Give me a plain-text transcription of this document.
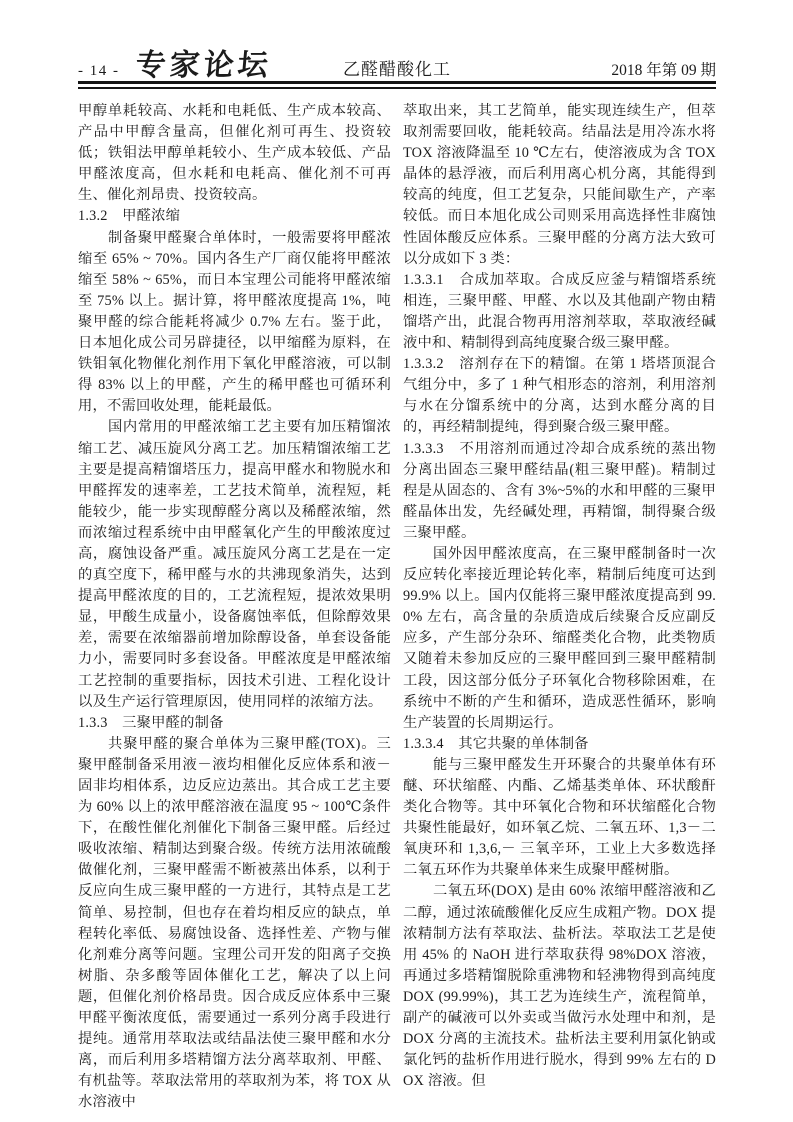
- 14 - 专家论坛	乙醛醋酸化工	2018 年第 09 期

甲醇单耗较高、水耗和电耗低、生产成本较高、产品中甲醇含量高，但催化剂可再生、投资较低；铁钼法甲醇单耗较小、生产成本较低、产品甲醛浓度高，但水耗和电耗高、催化剂不可再生、催化剂昂贵、投资较高。

1.3.2　甲醛浓缩

制备聚甲醛聚合单体时，一般需要将甲醛浓缩至 65% ~ 70%。国内各生产厂商仅能将甲醛浓缩至 58% ~ 65%，而日本宝理公司能将甲醛浓缩至 75% 以上。据计算，将甲醛浓度提高 1%，吨聚甲醛的综合能耗将减少 0.7% 左右。鉴于此，日本旭化成公司另辟捷径，以甲缩醛为原料，在铁钼氧化物催化剂作用下氧化甲醛溶液，可以制得 83% 以上的甲醛，产生的稀甲醛也可循环利用，不需回收处理，能耗最低。

国内常用的甲醛浓缩工艺主要有加压精馏浓缩工艺、减压旋风分离工艺。加压精馏浓缩工艺主要是提高精馏塔压力，提高甲醛水和物脱水和甲醛挥发的速率差，工艺技术简单，流程短，耗能较少，能一步实现醇醛分离以及稀醛浓缩，然而浓缩过程系统中由甲醛氧化产生的甲酸浓度过高，腐蚀设备严重。减压旋风分离工艺是在一定的真空度下，稀甲醛与水的共沸现象消失，达到提高甲醛浓度的目的，工艺流程短，提浓效果明显，甲酸生成量小，设备腐蚀率低，但除醇效果差，需要在浓缩器前增加除醇设备，单套设备能力小，需要同时多套设备。甲醛浓度是甲醛浓缩工艺控制的重要指标，因技术引进、工程化设计以及生产运行管理原因，使用同样的浓缩方法。

1.3.3　三聚甲醛的制备

共聚甲醛的聚合单体为三聚甲醛(TOX)。三聚甲醛制备采用液－液均相催化反应体系和液－固非均相体系，边反应边蒸出。其合成工艺主要为 60% 以上的浓甲醛溶液在温度 95 ~ 100℃条件下，在酸性催化剂催化下制备三聚甲醛。后经过吸收浓缩、精制达到聚合级。传统方法用浓硫酸做催化剂，三聚甲醛需不断被蒸出体系，以利于反应向生成三聚甲醛的一方进行，其特点是工艺简单、易控制，但也存在着均相反应的缺点，单程转化率低、易腐蚀设备、选择性差、产物与催化剂难分离等问题。宝理公司开发的阳离子交换树脂、杂多酸等固体催化工艺，解决了以上问题，但催化剂价格昂贵。因合成反应体系中三聚甲醛平衡浓度低，需要通过一系列分离手段进行提纯。通常用萃取法或结晶法使三聚甲醛和水分离，而后利用多塔精馏方法分离萃取剂、甲醛、有机盐等。萃取法常用的萃取剂为苯，将 TOX 从水溶液中

萃取出来，其工艺简单，能实现连续生产，但萃取剂需要回收，能耗较高。结晶法是用冷冻水将 TOX 溶液降温至 10 ℃左右，使溶液成为含 TOX 晶体的悬浮液，而后利用离心机分离，其能得到较高的纯度，但工艺复杂，只能间歇生产，产率较低。而日本旭化成公司则采用高选择性非腐蚀性固体酸反应体系。三聚甲醛的分离方法大致可以分成如下 3 类：

1.3.3.1　合成加萃取。合成反应釜与精馏塔系统相连，三聚甲醛、甲醛、水以及其他副产物由精馏塔产出，此混合物再用溶剂萃取，萃取液经碱液中和、精制得到高纯度聚合级三聚甲醛。

1.3.3.2　溶剂存在下的精馏。在第 1 塔塔顶混合气组分中，多了 1 种气相形态的溶剂，利用溶剂与水在分馏系统中的分离，达到水醛分离的目的，再经精制提纯，得到聚合级三聚甲醛。

1.3.3.3　不用溶剂而通过冷却合成系统的蒸出物分离出固态三聚甲醛结晶(粗三聚甲醛)。精制过程是从固态的、含有 3%~5%的水和甲醛的三聚甲醛晶体出发，先经碱处理，再精馏，制得聚合级三聚甲醛。

国外因甲醛浓度高，在三聚甲醛制备时一次反应转化率接近理论转化率，精制后纯度可达到 99.9% 以上。国内仅能将三聚甲醛浓度提高到 99.0% 左右，高含量的杂质造成后续聚合反应副反应多，产生部分杂环、缩醛类化合物，此类物质又随着未参加反应的三聚甲醛回到三聚甲醛精制工段，因这部分低分子环氧化合物移除困难，在系统中不断的产生和循环，造成恶性循环，影响生产装置的长周期运行。

1.3.3.4　其它共聚的单体制备

能与三聚甲醛发生开环聚合的共聚单体有环醚、环状缩醛、内酯、乙烯基类单体、环状酸酐类化合物等。其中环氧化合物和环状缩醛化合物共聚性能最好，如环氧乙烷、二氧五环、1,3－二氧庚环和 1,3,6,－ 三氧辛环，工业上大多数选择二氧五环作为共聚单体来生成聚甲醛树脂。

二氧五环(DOX) 是由 60% 浓缩甲醛溶液和乙二醇，通过浓硫酸催化反应生成粗产物。DOX 提浓精制方法有萃取法、盐析法。萃取法工艺是使用 45% 的 NaOH 进行萃取获得 98%DOX 溶液，再通过多塔精馏脱除重沸物和轻沸物得到高纯度 DOX (99.99%)，其工艺为连续生产，流程简单，副产的碱液可以外卖或当做污水处理中和剂，是 DOX 分离的主流技术。盐析法主要利用氯化钠或氯化钙的盐析作用进行脱水，得到 99% 左右的 DOX 溶液。但
